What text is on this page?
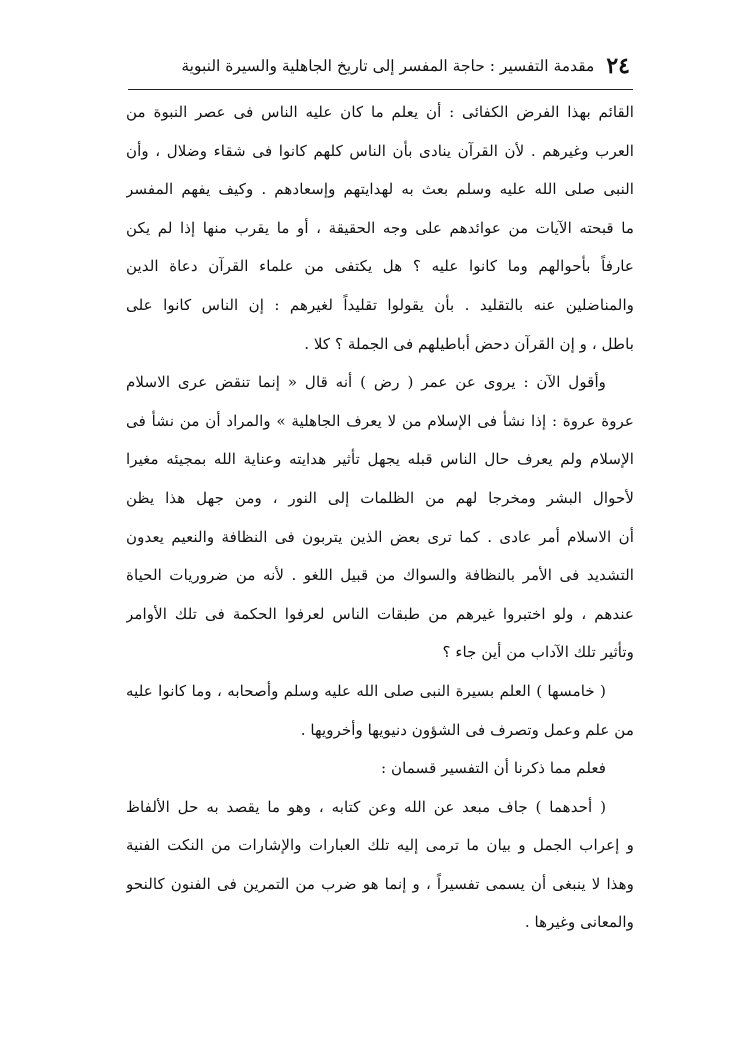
٢٤
مقدمة التفسير : حاجة المفسر إلى تاريخ الجاهلية والسيرة النبوية
القائم بهذا الفرض الكفائى : أن يعلم ما كان عليه الناس فى عصر النبوة من
العرب وغيرهم . لأن القرآن ينادى بأن الناس كلهم كانوا فى شقاء وضلال ، وأن
النبى صلى الله عليه وسلم بعث به لهدايتهم وإسعادهم . وكيف يفهم المفسر
ما قبحته الآيات من عوائدهم على وجه الحقيقة ، أو ما يقرب منها إذا لم يكن
عارفاً بأحوالهم وما كانوا عليه ؟ هل يكتفى من علماء القرآن دعاة الدين
والمناضلين عنه بالتقليد . بأن يقولوا تقليداً لغيرهم : إن الناس كانوا على
باطل ، و إن القرآن دحض أباطيلهم فى الجملة ؟ كلا .
وأقول الآن : يروى عن عمر ( رض ) أنه قال « إنما تنقض عرى الاسلام
عروة عروة : إذا نشأ فى الإسلام من لا يعرف الجاهلية » والمراد أن من نشأ فى
الإسلام ولم يعرف حال الناس قبله يجهل تأثير هدايته وعناية الله بمجيئه مغيرا
لأحوال البشر ومخرجا لهم من الظلمات إلى النور ، ومن جهل هذا يظن
أن الاسلام أمر عادى . كما ترى بعض الذين يتربون فى النظافة والنعيم يعدون
التشديد فى الأمر بالنظافة والسواك من قبيل اللغو . لأنه من ضروريات الحياة
عندهم ، ولو اختبروا غيرهم من طبقات الناس لعرفوا الحكمة فى تلك الأوامر
وتأثير تلك الآداب من أين جاء ؟
( خامسها ) العلم بسيرة النبى صلى الله عليه وسلم وأصحابه ، وما كانوا عليه
من علم وعمل وتصرف فى الشؤون دنيويها وأخرويها .
فعلم مما ذكرنا أن التفسير قسمان :
( أحدهما ) جاف مبعد عن الله وعن كتابه ، وهو ما يقصد به حل الألفاظ
و إعراب الجمل و بيان ما ترمى إليه تلك العبارات والإشارات من النكت الفنية
وهذا لا ينبغى أن يسمى تفسيراً ، و إنما هو ضرب من التمرين فى الفنون كالنحو
والمعانى وغيرها .
